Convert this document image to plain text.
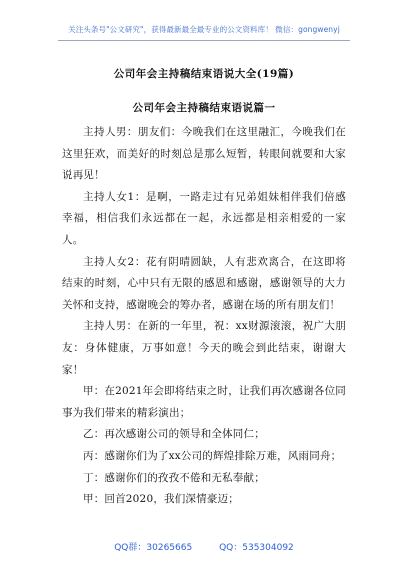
关注头条号"公文研究"，获得最新最全最专业的公文资料库！ 微信：gongwenyj
公司年会主持稿结束语说大全(19篇)
公司年会主持稿结束语说篇一

主持人男：朋友们：今晚我们在这里融汇，今晚我们在这里狂欢，而美好的时刻总是那么短暂，转眼间就要和大家说再见！

主持人女1：是啊，一路走过有兄弟姐妹相伴我们倍感幸福，相信我们永远都在一起，永远都是相亲相爱的一家人。

主持人女2：花有阴晴圆缺，人有悲欢离合，在这即将结束的时刻，心中只有无限的感恩和感谢，感谢领导的大力关怀和支持，感谢晚会的筹办者，感谢在场的所有朋友们！

主持人男：在新的一年里，祝：xx财源滚滚，祝广大朋友：身体健康，万事如意！今天的晚会到此结束，谢谢大家！

甲：在2021年会即将结束之时，让我们再次感谢各位同事为我们带来的精彩演出；

乙：再次感谢公司的领导和全体同仁；

丙：感谢你们为了xx公司的辉煌排除万难，风雨同舟；

丁：感谢你们的孜孜不倦和无私奉献；

甲：回首2020，我们深情豪迈；

QQ群：30265665	QQ：535304092
